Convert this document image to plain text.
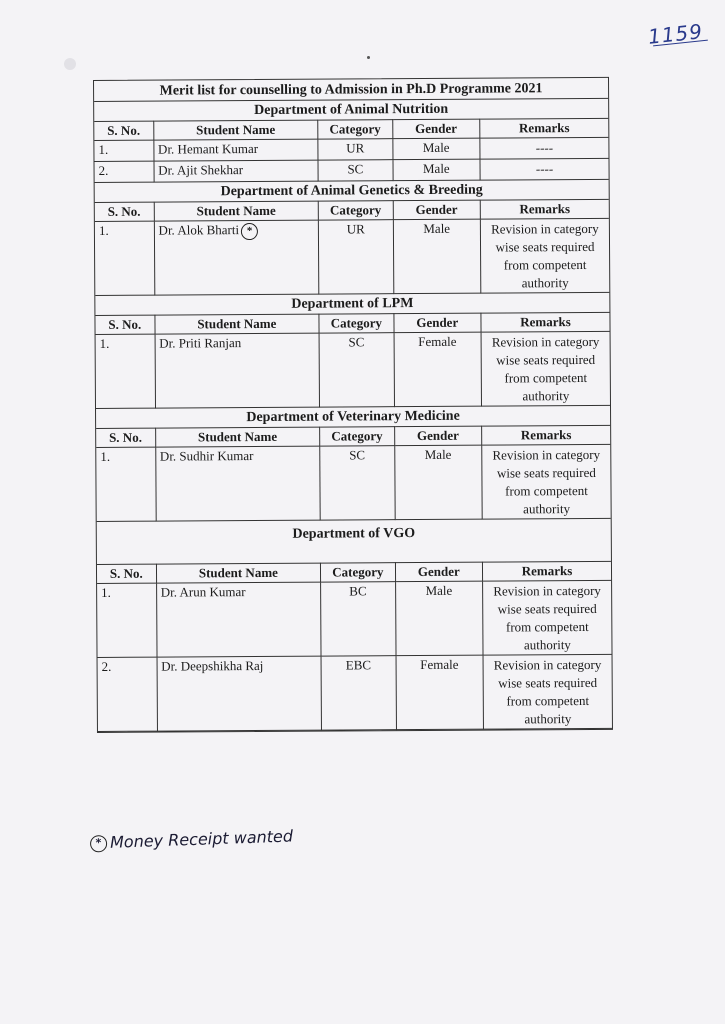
1159
Merit list for counselling to Admission in Ph.D Programme 2021
Department of Animal Nutrition
S. No.	Student Name	Category	Gender	Remarks
1.	Dr. Hemant Kumar	UR	Male	----
2.	Dr. Ajit Shekhar	SC	Male	----
Department of Animal Genetics & Breeding
S. No.	Student Name	Category	Gender	Remarks
1.	Dr. Alok Bharti *	UR	Male	Revision in category wise seats required from competent authority
Department of LPM
S. No.	Student Name	Category	Gender	Remarks
1.	Dr. Priti Ranjan	SC	Female	Revision in category wise seats required from competent authority
Department of Veterinary Medicine
S. No.	Student Name	Category	Gender	Remarks
1.	Dr. Sudhir Kumar	SC	Male	Revision in category wise seats required from competent authority
Department of VGO
S. No.	Student Name	Category	Gender	Remarks
1.	Dr. Arun Kumar	BC	Male	Revision in category wise seats required from competent authority
2.	Dr. Deepshikha Raj	EBC	Female	Revision in category wise seats required from competent authority
* Money Receipt wanted
